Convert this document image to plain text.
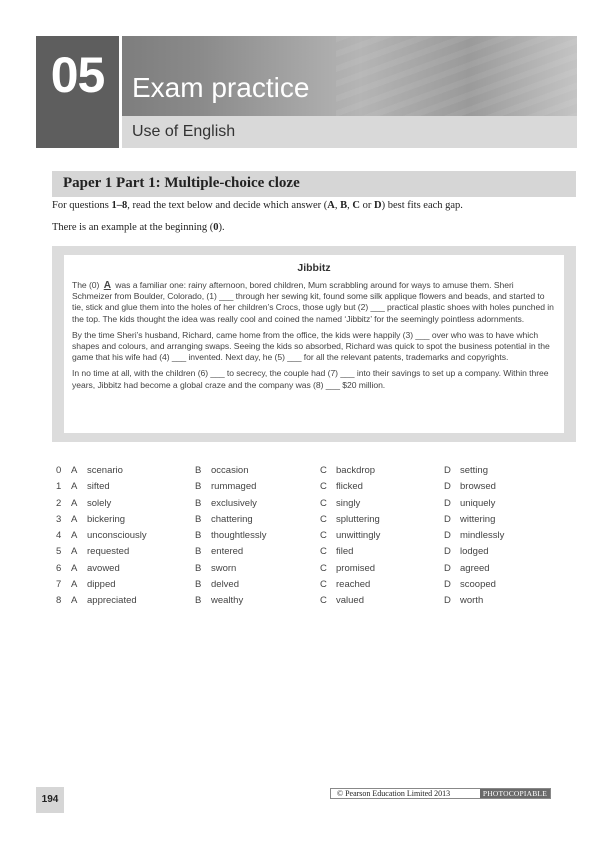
05 Exam practice
Use of English
Paper 1 Part 1: Multiple-choice cloze
For questions 1–8, read the text below and decide which answer (A, B, C or D) best fits each gap.
There is an example at the beginning (0).
Jibbitz

The (0) A was a familiar one: rainy afternoon, bored children, Mum scrabbling around for ways to amuse them. Sheri Schmeizer from Boulder, Colorado, (1) ___ through her sewing kit, found some silk applique flowers and beads, and started to tie, stick and glue them into the holes of her children’s Crocs, those ugly but (2) ___ practical plastic shoes with holes punched in the top. The kids thought the idea was really cool and coined the named ‘Jibbitz’ for the seemingly pointless adornments.

By the time Sheri’s husband, Richard, came home from the office, the kids were happily (3) ___ over who was to have which shapes and colours, and arranging swaps. Seeing the kids so absorbed, Richard was quick to spot the business potential in the game that his wife had (4) ___ invented. Next day, he (5) ___ for all the relevant patents, trademarks and copyrights.

In no time at all, with the children (6) ___ to secrecy, the couple had (7) ___ into their savings to set up a company. Within three years, Jibbitz had become a global craze and the company was (8) ___ $20 million.

0 A scenario	B occasion	C backdrop	D setting
1 A sifted	B rummaged	C flicked	D browsed
2 A solely	B exclusively	C singly	D uniquely
3 A bickering	B chattering	C spluttering	D wittering
4 A unconsciously	B thoughtlessly	C unwittingly	D mindlessly
5 A requested	B entered	C filed	D lodged
6 A avowed	B sworn	C promised	D agreed
7 A dipped	B delved	C reached	D scooped
8 A appreciated	B wealthy	C valued	D worth
194
© Pearson Education Limited 2013	PHOTOCOPIABLE
